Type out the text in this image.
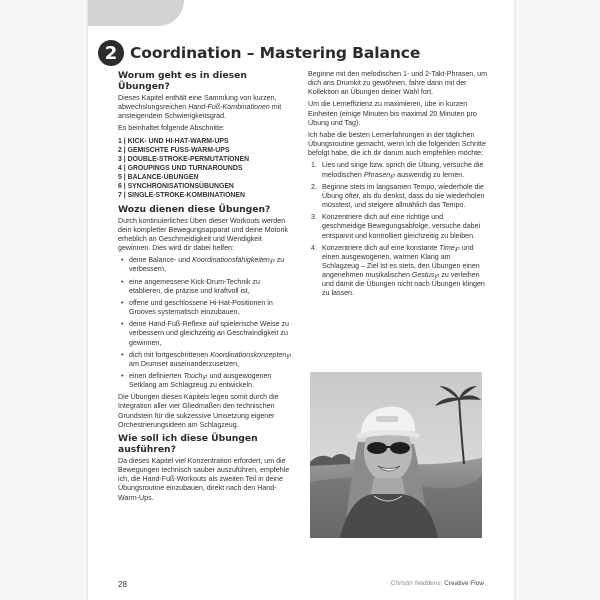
2 Coordination – Mastering Balance
Worum geht es in diesen Übungen?

Dieses Kapitel enthält eine Sammlung von kurzen, abwechslungsreichen Hand-Fuß-Kombinationen mit ansteigendem Schwierigkeitsgrad.

Es beinhaltet folgende Abschnitte:

1 | KICK- UND HI-HAT-WARM-UPS
2 | GEMISCHTE FUSS-WARM-UPS
3 | DOUBLE-STROKE-PERMUTATIONEN
4 | GROUPINGS UND TURNAROUNDS
5 | BALANCE-ÜBUNGEN
6 | SYNCHRONISATIONSÜBUNGEN
7 | SINGLE-STROKE-KOMBINATIONEN
Wozu dienen diese Übungen?

Durch kontinuierliches Üben dieser Workouts werden dein kompletter Bewegungsapparat und deine Motorik erheblich an Geschmeidigkeit und Wendigkeit gewinnen. Dies wird dir dabei helfen:

• deine Balance- und Koordinationsfähigkeiten℘ zu verbessern,
• eine angemessene Kick-Drum-Technik zu etablieren, die präzise und kraftvoll ist,
• offene und geschlossene Hi-Hat-Positionen in Grooves systematisch einzubauen,
• deine Hand-Fuß-Reflexe auf spielerische Weise zu verbessern und gleichzeitig an Geschwindigkeit zu gewinnen,
• dich mit fortgeschrittenen Koordinationskonzepten℘ am Drumset auseinanderzusetzen,
• einen definierten Touch℘ und ausgewogenen Setklang am Schlagzeug zu entwickeln.

Die Übungen dieses Kapitels legen somit durch die Integration aller vier Gliedmaßen den technischen Grundstein für die sukzessive Umsetzung eigener Orchestrierungsideen am Schlagzeug.

Wie soll ich diese Übungen ausführen?

Da dieses Kapitel viel Konzentration erfordert, um die Bewegungen technisch sauber auszuführen, empfehle ich, die Hand-Fuß-Workouts als zweiten Teil in deine Übungsroutine einzubauen, direkt nach den Hand-Warm-Ups.

Beginne mit den melodischen 1- und 2-Takt-Phrasen, um dich ans Drumkit zu gewöhnen, fahre dann mit der Kollektion an Übungen deiner Wahl fort.

Um die Lerneffizienz zu maximieren, übe in kurzen Einheiten (einige Minuten bis maximal 20 Minuten pro Übung und Tag).

Ich habe die besten Lernerfahrungen in der täglichen Übungsroutine gemacht, wenn ich die folgenden Schritte befolgt habe, die ich dir darum auch empfehlen möchte:

1. Lies und singe bzw. sprich die Übung, versuche die melodischen Phrasen℘ auswendig zu lernen.
2. Beginne stets im langsamen Tempo, wiederhole die Übung öfter, als du denkst, dass du sie wiederholen müsstest, und steigere allmählich das Tempo.
3. Konzentriere dich auf eine richtige und geschmeidige Bewegungsabfolge, versuche dabei entspannt und kontrolliert gleichzeitig zu bleiben.
4. Konzentriere dich auf eine konstante Time℘ und einen ausgewogenen, warmen Klang am Schlagzeug – Ziel ist es stets, den Übungen einen angenehmen musikalischen Gestus℘ zu verleihen und damit die Übungen nicht nach Übungen klingen zu lassen.
28	Christin Neddens: Creative Flow
